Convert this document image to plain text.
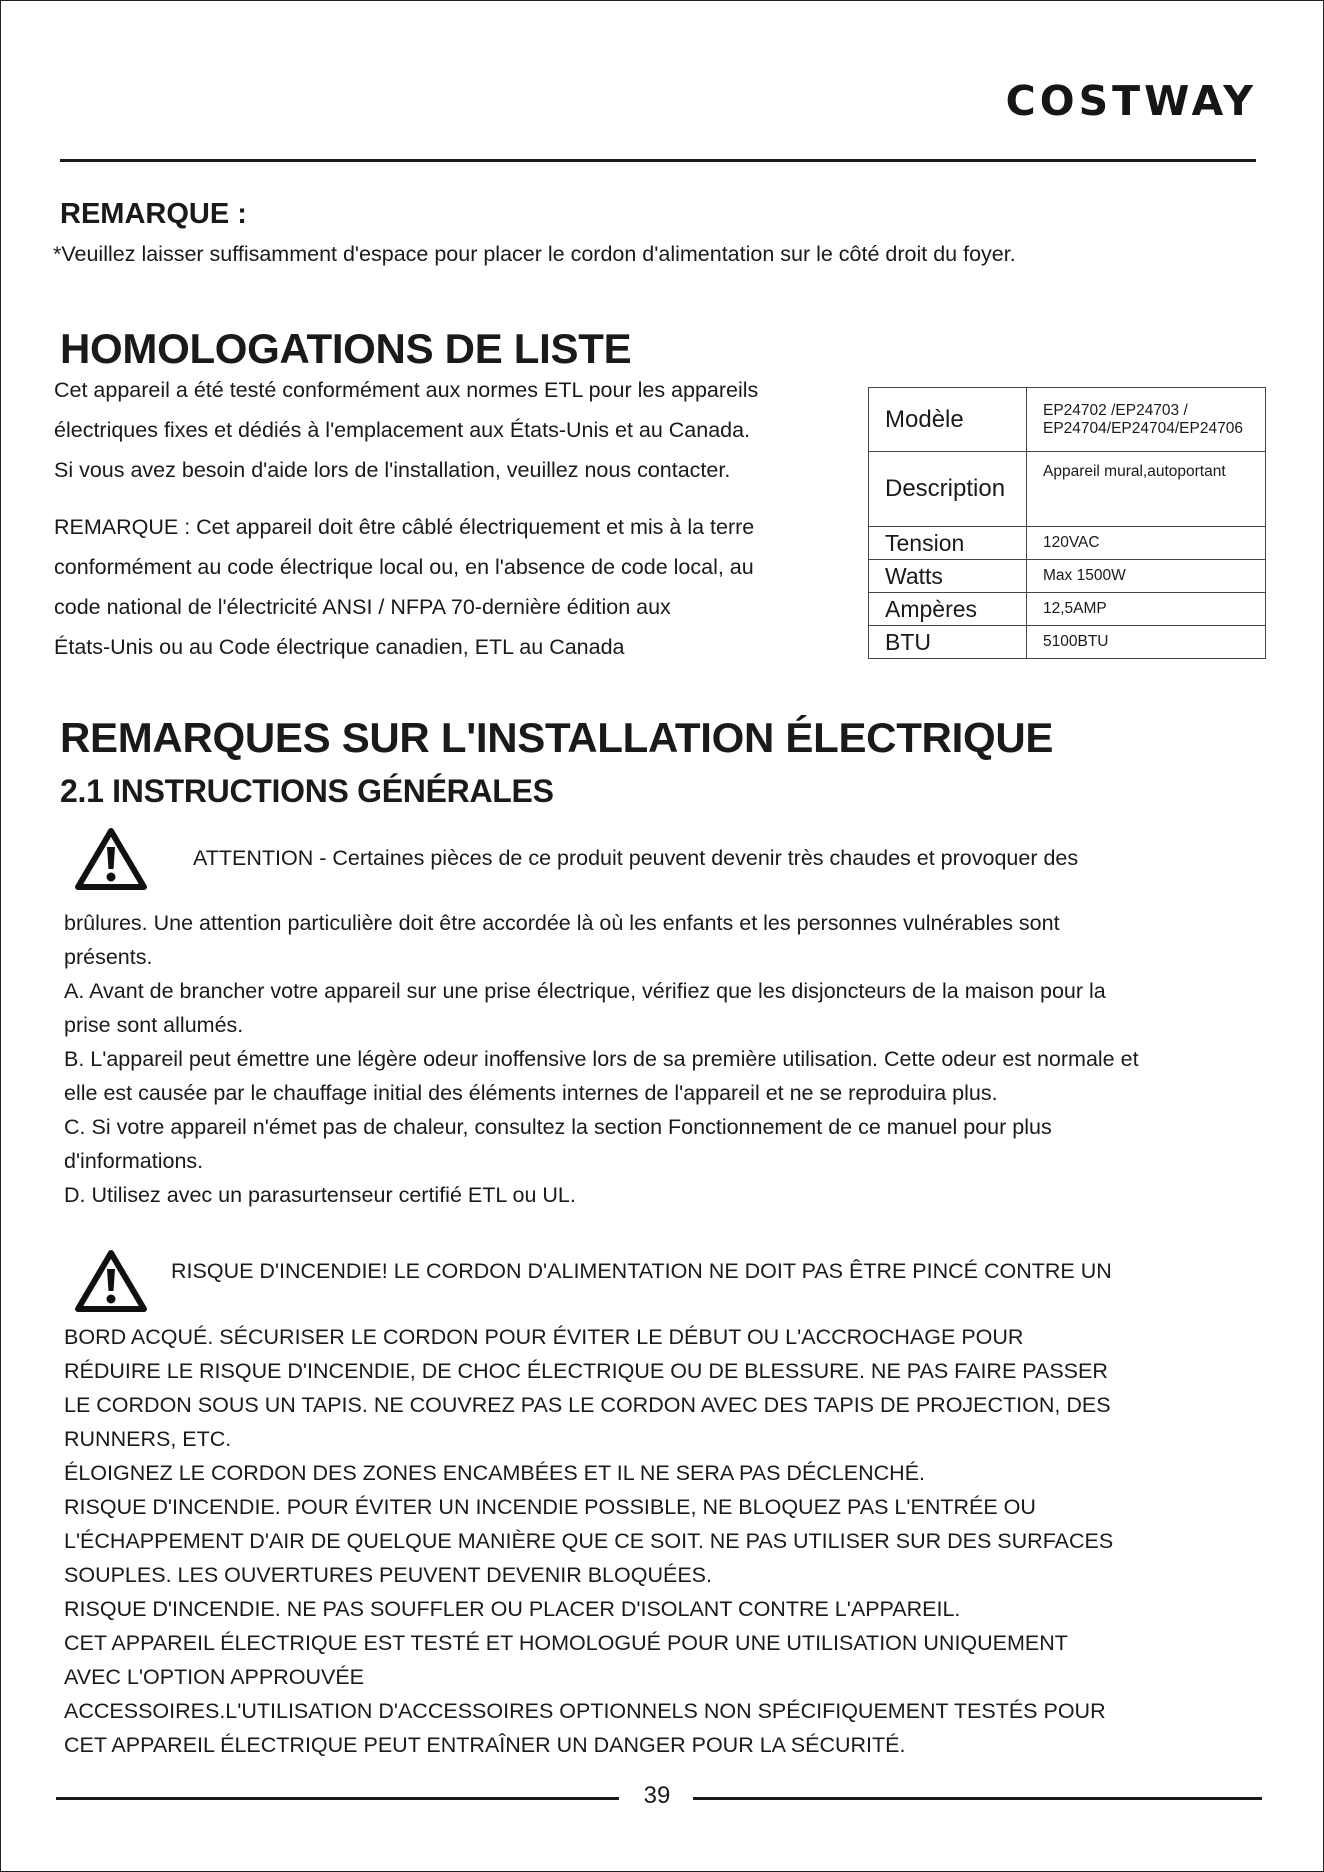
COSTWAY
REMARQUE :
*Veuillez laisser suffisamment d'espace pour placer le cordon d'alimentation sur le côté droit du foyer.
HOMOLOGATIONS DE LISTE
Cet appareil a été testé conformément aux normes ETL pour les appareils
électriques fixes et dédiés à l'emplacement aux États-Unis et au Canada.
Si vous avez besoin d'aide lors de l'installation, veuillez nous contacter.
REMARQUE : Cet appareil doit être câblé électriquement et mis à la terre
conformément au code électrique local ou, en l'absence de code local, au
code national de l'électricité ANSI / NFPA 70-dernière édition aux
États-Unis ou au Code électrique canadien, ETL au Canada
Modèle	EP24702 /EP24703 /
EP24704/EP24704/EP24706

Description	Appareil mural,autoportant
Tension	120VAC
Watts	Max 1500W
Ampères	12,5AMP
BTU	5100BTU
REMARQUES SUR L'INSTALLATION ÉLECTRIQUE
2.1 INSTRUCTIONS GÉNÉRALES
ATTENTION - Certaines pièces de ce produit peuvent devenir très chaudes et provoquer des
brûlures. Une attention particulière doit être accordée là où les enfants et les personnes vulnérables sont
présents.
A. Avant de brancher votre appareil sur une prise électrique, vérifiez que les disjoncteurs de la maison pour la
prise sont allumés.
B. L'appareil peut émettre une légère odeur inoffensive lors de sa première utilisation. Cette odeur est normale et
elle est causée par le chauffage initial des éléments internes de l'appareil et ne se reproduira plus.
C. Si votre appareil n'émet pas de chaleur, consultez la section Fonctionnement de ce manuel pour plus
d'informations.
D. Utilisez avec un parasurtenseur certifié ETL ou UL.
RISQUE D'INCENDIE! LE CORDON D'ALIMENTATION NE DOIT PAS ÊTRE PINCÉ CONTRE UN
BORD ACQUÉ. SÉCURISER LE CORDON POUR ÉVITER LE DÉBUT OU L'ACCROCHAGE POUR
RÉDUIRE LE RISQUE D'INCENDIE, DE CHOC ÉLECTRIQUE OU DE BLESSURE. NE PAS FAIRE PASSER
LE CORDON SOUS UN TAPIS. NE COUVREZ PAS LE CORDON AVEC DES TAPIS DE PROJECTION, DES
RUNNERS, ETC.
ÉLOIGNEZ LE CORDON DES ZONES ENCAMBÉES ET IL NE SERA PAS DÉCLENCHÉ.
RISQUE D'INCENDIE. POUR ÉVITER UN INCENDIE POSSIBLE, NE BLOQUEZ PAS L'ENTRÉE OU
L'ÉCHAPPEMENT D'AIR DE QUELQUE MANIÈRE QUE CE SOIT. NE PAS UTILISER SUR DES SURFACES
SOUPLES. LES OUVERTURES PEUVENT DEVENIR BLOQUÉES.
RISQUE D'INCENDIE. NE PAS SOUFFLER OU PLACER D'ISOLANT CONTRE L'APPAREIL.
CET APPAREIL ÉLECTRIQUE EST TESTÉ ET HOMOLOGUÉ POUR UNE UTILISATION UNIQUEMENT
AVEC L'OPTION APPROUVÉE
ACCESSOIRES.L'UTILISATION D'ACCESSOIRES OPTIONNELS NON SPÉCIFIQUEMENT TESTÉS POUR
CET APPAREIL ÉLECTRIQUE PEUT ENTRAÎNER UN DANGER POUR LA SÉCURITÉ.
39
